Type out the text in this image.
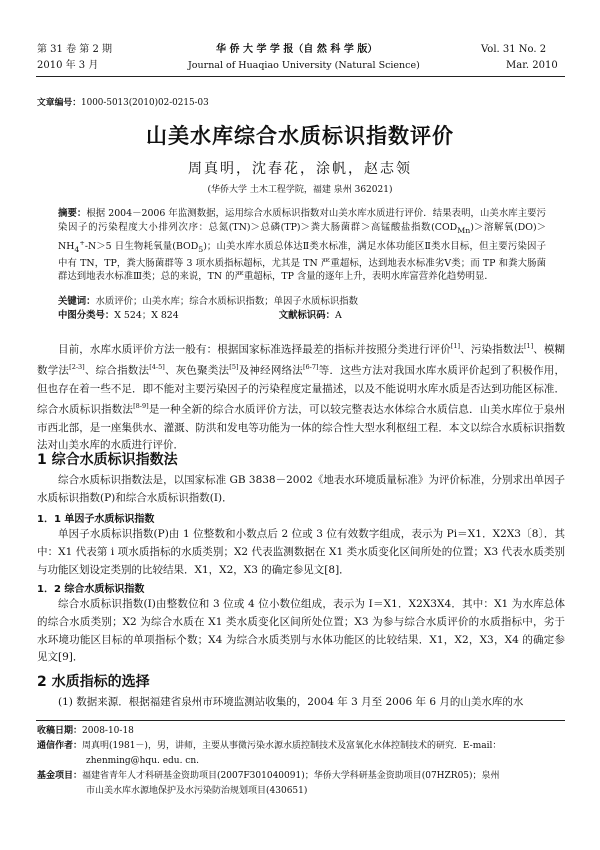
第 31 卷 第 2 期
2010 年 3 月
华 侨 大 学 学 报（自 然 科 学 版）
Journal of Huaqiao University (Natural Science)
Vol. 31 No. 2
Mar. 2010
文章编号：1000-5013(2010)02-0215-03
山美水库综合水质标识指数评价
周真明，沈春花，涂帆，赵志领
(华侨大学 土木工程学院，福建 泉州 362021)
摘要：根据 2004－2006 年监测数据，运用综合水质标识指数对山美水库水质进行评价．结果表明，山美水库主要污染因子的污染程度大小排列次序：总氮(TN)＞总磷(TP)＞粪大肠菌群＞高锰酸盐指数$(COD_{Mn})>$溶解氧$(DO)>NH_4^+-N>5$ 日生物耗氧量$(BOD_5)$；山美水库水质总体达Ⅱ类水标准，满足水体功能区Ⅱ类水目标，但主要污染因子中有 TN，TP，粪大肠菌群等 3 项水质指标超标，尤其是 TN 严重超标，达到地表水标准劣Ⅴ类；而 TP 和粪大肠菌群达到地表水标准Ⅲ类；总的来说，TN 的严重超标，TP 含量的逐年上升，表明水库富营养化趋势明显．
关键词：水质评价；山美水库；综合水质标识指数；单因子水质标识指数
中图分类号：X 524；X 824	文献标识码：A
目前，水库水质评价方法一般有：根据国家标准选择最差的指标并按照分类进行评价[1]、污染指数法[1]、模糊数学法[2-3]、综合指数法[4-5]、灰色聚类法[5]及神经网络法[6-7]等．这些方法对我国水库水质评价起到了积极作用，但也存在着一些不足．即不能对主要污染因子的污染程度定量描述，以及不能说明水库水质是否达到功能区标准．综合水质标识指数法[8-9]是一种全新的综合水质评价方法，可以较完整表达水体综合水质信息．山美水库位于泉州市西北部，是一座集供水、灌溉、防洪和发电等功能为一体的综合性大型水利枢纽工程．本文以综合水质标识指数法对山美水库的水质进行评价．
1 综合水质标识指数法
综合水质标识指数法是，以国家标准 GB 3838－2002《地表水环境质量标准》为评价标准，分别求出单因子水质标识指数(P)和综合水质标识指数(I)．
1．1 单因子水质标识指数
单因子水质标识指数(P)由 1 位整数和小数点后 2 位或 3 位有效数字组成，表示为 Pi＝X1．X2X3〔8〕．其中：X1 代表第 i 项水质指标的水质类别；X2 代表监测数据在 X1 类水质变化区间所处的位置；X3 代表水质类别与功能区划设定类别的比较结果．X1，X2，X3 的确定参见文[8]．
1．2 综合水质标识指数
综合水质标识指数(I)由整数位和 3 位或 4 位小数位组成，表示为 I＝X1．X2X3X4．其中：X1 为水库总体的综合水质类别；X2 为综合水质在 X1 类水质变化区间所处位置；X3 为参与综合水质评价的水质指标中，劣于水环境功能区目标的单项指标个数；X4 为综合水质类别与水体功能区的比较结果．X1，X2，X3，X4 的确定参见文[9]．
2 水质指标的选择
(1) 数据来源．根据福建省泉州市环境监测站收集的，2004 年 3 月至 2006 年 6 月的山美水库的水
收稿日期：2008-10-18
通信作者：周真明(1981－)，男，讲师，主要从事微污染水源水质控制技术及富氧化水体控制技术的研究．E-mail：
zhenming@hqu. edu. cn.
基金项目：福建省青年人才科研基金资助项目(2007F301040091)；华侨大学科研基金资助项目(07HZR05)；泉州
市山美水库水源地保护及水污染防治规划项目(430651)
